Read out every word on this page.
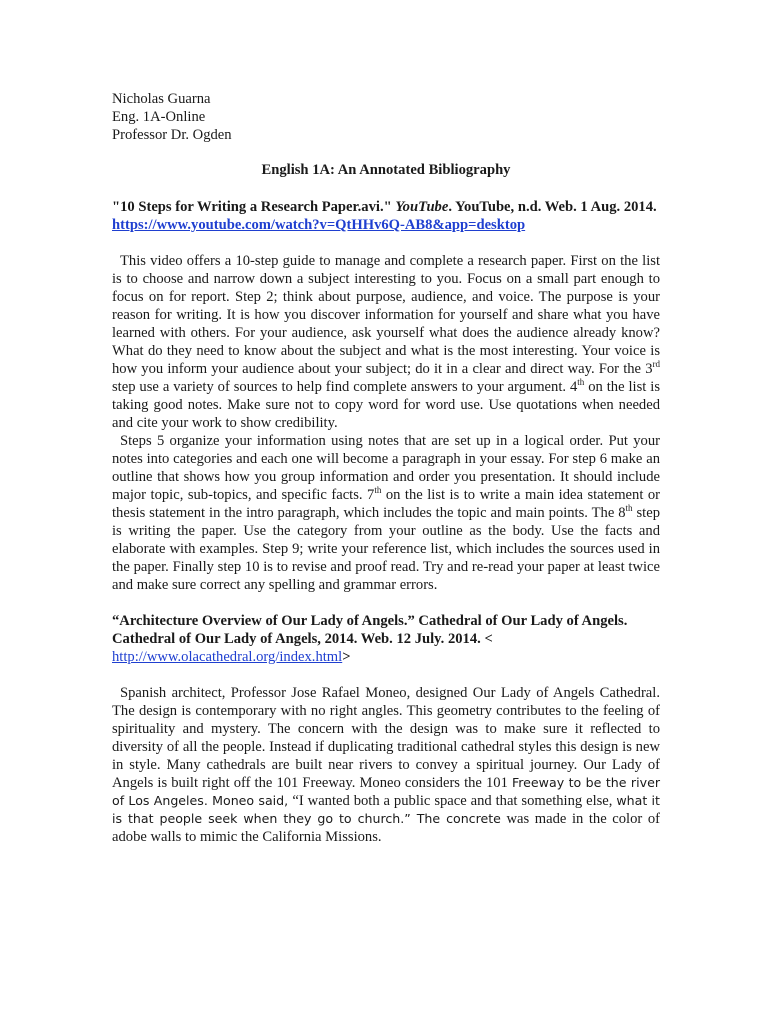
Nicholas Guarna
Eng. 1A-Online
Professor Dr. Ogden
English 1A: An Annotated Bibliography

"10 Steps for Writing a Research Paper.avi." YouTube. YouTube, n.d. Web. 1 Aug. 2014. https://www.youtube.com/watch?v=QtHHv6Q-AB8&app=desktop

This video offers a 10-step guide to manage and complete a research paper. First on the list is to choose and narrow down a subject interesting to you. Focus on a small part enough to focus on for report. Step 2; think about purpose, audience, and voice. The purpose is your reason for writing. It is how you discover information for yourself and share what you have learned with others. For your audience, ask yourself what does the audience already know? What do they need to know about the subject and what is the most interesting. Your voice is how you inform your audience about your subject; do it in a clear and direct way. For the 3rd step use a variety of sources to help find complete answers to your argument. 4th on the list is taking good notes. Make sure not to copy word for word use. Use quotations when needed and cite your work to show credibility.

Steps 5 organize your information using notes that are set up in a logical order. Put your notes into categories and each one will become a paragraph in your essay. For step 6 make an outline that shows how you group information and order you presentation. It should include major topic, sub-topics, and specific facts. 7th on the list is to write a main idea statement or thesis statement in the intro paragraph, which includes the topic and main points. The 8th step is writing the paper. Use the category from your outline as the body. Use the facts and elaborate with examples. Step 9; write your reference list, which includes the sources used in the paper. Finally step 10 is to revise and proof read. Try and re-read your paper at least twice and make sure correct any spelling and grammar errors.

“Architecture Overview of Our Lady of Angels.” Cathedral of Our Lady of Angels. Cathedral of Our Lady of Angels, 2014. Web. 12 July. 2014. <
http://www.olacathedral.org/index.html>

Spanish architect, Professor Jose Rafael Moneo, designed Our Lady of Angels Cathedral. The design is contemporary with no right angles. This geometry contributes to the feeling of spirituality and mystery. The concern with the design was to make sure it reflected to diversity of all the people. Instead if duplicating traditional cathedral styles this design is new in style. Many cathedrals are built near rivers to convey a spiritual journey. Our Lady of Angels is built right off the 101 Freeway. Moneo considers the 101 Freeway to be the river of Los Angeles. Moneo said, “I wanted both a public space and that something else, what it is that people seek when they go to church.” The concrete was made in the color of adobe walls to mimic the California Missions.
